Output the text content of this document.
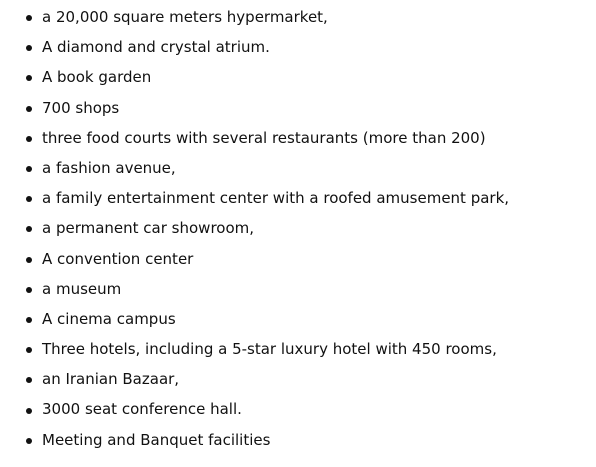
a 20,000 square meters hypermarket,
A diamond and crystal atrium.
A book garden
700 shops
three food courts with several restaurants (more than 200)
a fashion avenue,
a family entertainment center with a roofed amusement park,
a permanent car showroom,
A convention center
a museum
A cinema campus
Three hotels, including a 5-star luxury hotel with 450 rooms,
an Iranian Bazaar,
3000 seat conference hall.
Meeting and Banquet facilities
